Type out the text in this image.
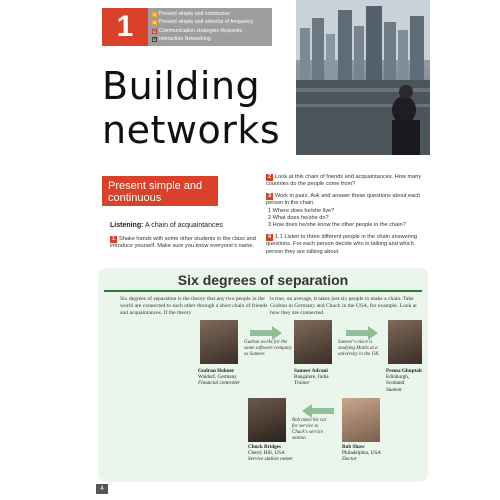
1	G Present simple and continuous
G Present simple and adverbs of frequency
C Communication strategies Requests
D Interaction Networking
Building
networks
Present simple and continuous
Listening: A chain of acquaintances
1 Shake hands with some other students in the class and introduce yourself. Make sure you know everyone's name.
2 Look at this chain of friends and acquaintances. How many countries do the people come from?
3 Work in pairs. Ask and answer these questions about each person in the chain.
1 Where does he/she live?
2 What does he/she do?
3 How does he/she know the other people in the chain?
4 1.1 Listen to three different people in the chain answering questions. For each person decide who is talking and which person they are talking about.
Six degrees of separation
Six degrees of separation is the theory that any two people in the world are connected to each other through a short chain of friends and acquaintances. If the theory
is true, on average, it takes just six people to make a chain. Take Gudrun in Germany and Chuck in the USA, for example. Look at how they are connected.
Gudrun Hohner
Waldorf, Germany
Financial controller
Gudrun works for the same software company as Sameer.
Sameer Advani
Bangalore, India
Trainer
Sameer's niece is studying Maths at a university in the UK.
Prema Ghuptah
Edinburgh, Scotland
Student
Chuck Bridges
Cherry Hill, USA
Service station owner
Rob takes his car for service to Chuck's service station.
Rob Shaw
Philadelphia, USA
Doctor
4
